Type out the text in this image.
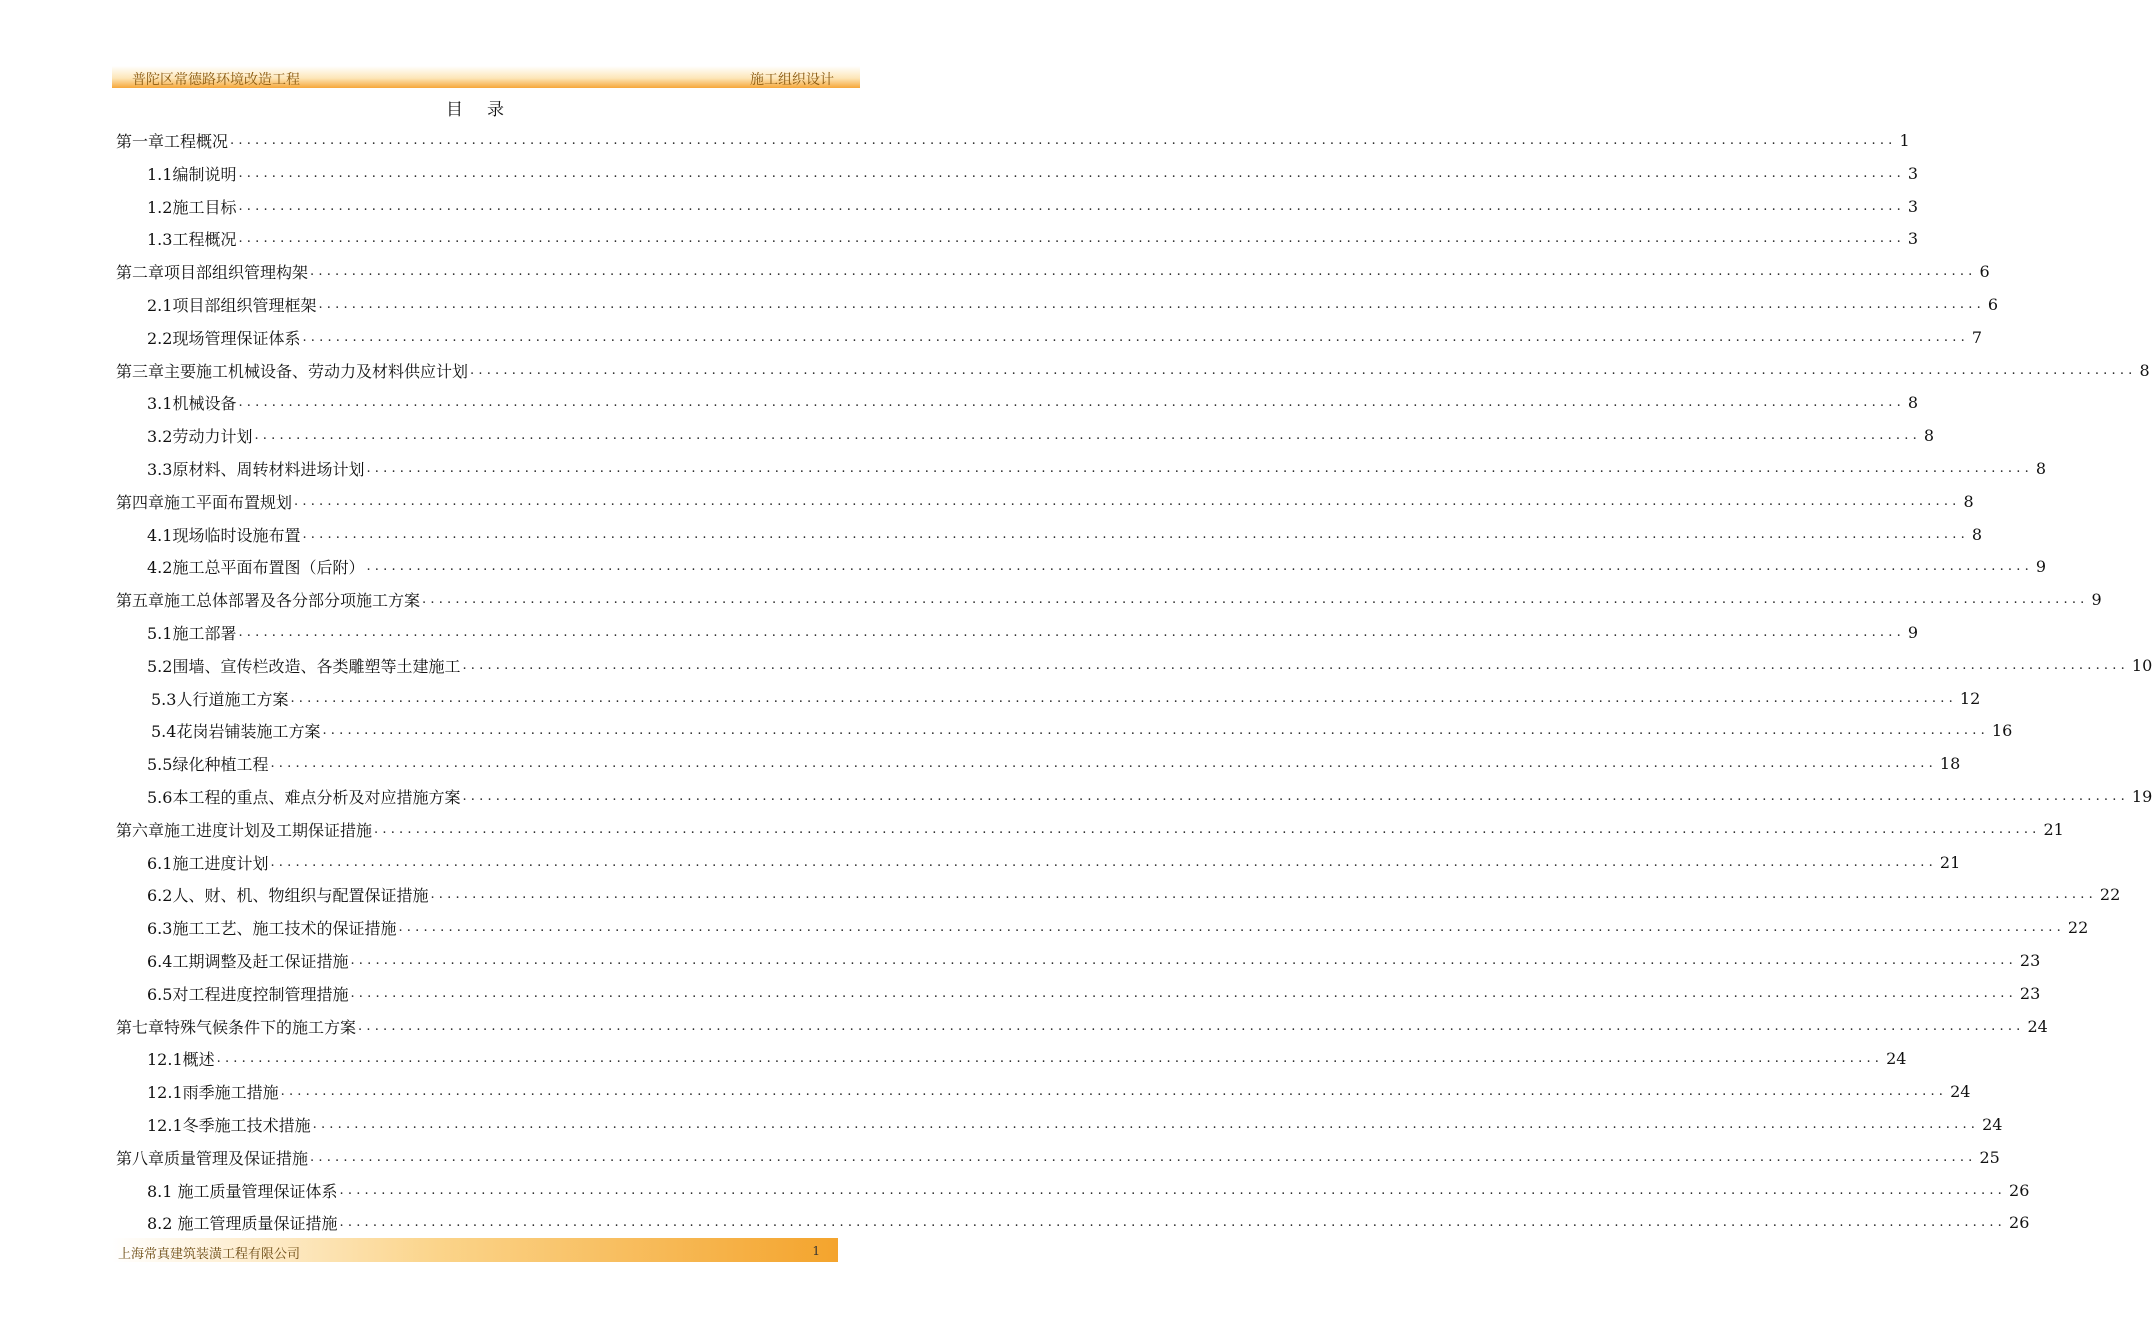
普陀区常德路环境改造工程	施工组织设计
目录
第一章 工程概况 ........................................................................................................................................................................................................ 1
1.1编制说明 ........................................................................................................................................................................................................ 3
1.2施工目标 ........................................................................................................................................................................................................ 3
1.3工程概况 ........................................................................................................................................................................................................ 3
第二章 项目部组织管理构架 ........................................................................................................................................................................................................ 6
2.1项目部组织管理框架 ........................................................................................................................................................................................................ 6
2.2现场管理保证体系 ........................................................................................................................................................................................................ 7
第三章 主要施工机械设备、劳动力及材料供应计划 ........................................................................................................................................................................................................ 8
3.1机械设备 ........................................................................................................................................................................................................ 8
3.2劳动力计划 ........................................................................................................................................................................................................ 8
3.3原材料、周转材料进场计划 ........................................................................................................................................................................................................ 8
第四章 施工平面布置规划 ........................................................................................................................................................................................................ 8
4.1现场临时设施布置 ........................................................................................................................................................................................................ 8
4.2施工总平面布置图（后附） ........................................................................................................................................................................................................ 9
第五章 施工总体部署及各分部分项施工方案 ........................................................................................................................................................................................................ 9
5.1施工部署 ........................................................................................................................................................................................................ 9
5.2围墙、宣传栏改造、各类雕塑等土建施工 ........................................................................................................................................................................................................ 10
5.3人行道施工方案 ........................................................................................................................................................................................................ 12
5.4花岗岩铺装施工方案 ........................................................................................................................................................................................................ 16
5.5绿化种植工程 ........................................................................................................................................................................................................ 18
5.6本工程的重点、难点分析及对应措施方案 ........................................................................................................................................................................................................ 19
第六章 施工进度计划及工期保证措施 ........................................................................................................................................................................................................ 21
6.1施工进度计划 ........................................................................................................................................................................................................ 21
6.2人、财、机、物组织与配置保证措施 ........................................................................................................................................................................................................ 22
6.3施工工艺、施工技术的保证措施 ........................................................................................................................................................................................................ 22
6.4工期调整及赶工保证措施 ........................................................................................................................................................................................................ 23
6.5对工程进度控制管理措施 ........................................................................................................................................................................................................ 23
第七章 特殊气候条件下的施工方案 ........................................................................................................................................................................................................ 24
12.1概述 ........................................................................................................................................................................................................ 24
12.1雨季施工措施 ........................................................................................................................................................................................................ 24
12.1冬季施工技术措施 ........................................................................................................................................................................................................ 24
第八章 质量管理及保证措施 ........................................................................................................................................................................................................ 25
8.1 施工质量管理保证体系 ........................................................................................................................................................................................................ 26
8.2 施工管理质量保证措施 ........................................................................................................................................................................................................ 26
上海常真建筑装潢工程有限公司	1
